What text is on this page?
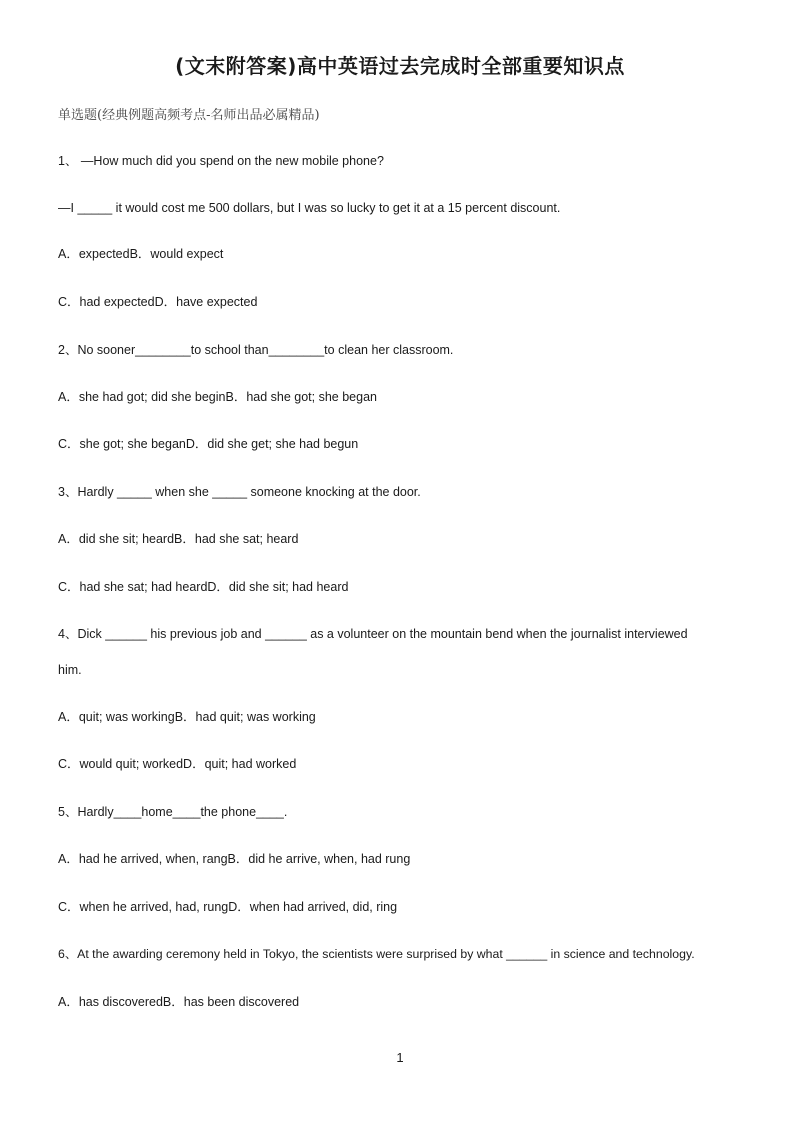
(文末附答案)高中英语过去完成时全部重要知识点

单选题(经典例题高频考点-名师出品必属精品)

1、 —How much did you spend on the new mobile phone?

—I _____ it would cost me 500 dollars, but I was so lucky to get it at a 15 percent discount.

A．expectedB．would expect

C．had expectedD．have expected

2、No sooner________to school than________to clean her classroom.

A．she had got; did she beginB．had she got; she began

C．she got; she beganD．did she get; she had begun

3、Hardly _____ when she _____ someone knocking at the door.

A．did she sit; heardB．had she sat; heard

C．had she sat; had heardD．did she sit; had heard

4、Dick ______ his previous job and ______ as a volunteer on the mountain bend when the journalist interviewed

him.

A．quit; was workingB．had quit; was working

C．would quit; workedD．quit; had worked

5、Hardly____home____the phone____.

A．had he arrived, when, rangB．did he arrive, when, had rung

C．when he arrived, had, rungD．when had arrived, did, ring

6、At the awarding ceremony held in Tokyo, the scientists were surprised by what ______ in science and technology.

A．has discoveredB．has been discovered

1
